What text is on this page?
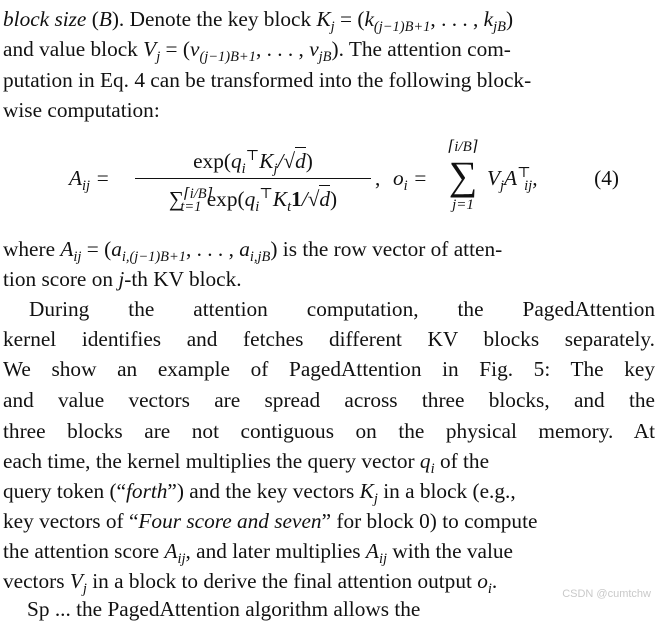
block size (B). Denote the key block $K_j = (k_{(j-1)B+1}$, . . . , $k_{jB}$)
and value block $V_j = (v_{(j-1)B+1}$, . . . , $v_{jB}$). The attention com-
putation in Eq. 4 can be transformed into the following block-
wise computation:
$A_{ij}$ =
$\exp(q_i^⊤K_j/√d)$
∑$^{⌈i/B⌉}_{t=1}$ $\exp(q_i^⊤K_t1/√d)$
, $o_i$ =
⌈i/B⌉
∑
j=1
$V_jA^⊤_{ij}$,	(4)
where $A_{ij} = (a_{i,(j-1)B+1}$, . . . , $a_{i,jB}$) is the row vector of atten-
tion score on j-th KV block.
During the attention computation, the PagedAttention
kernel identifies and fetches different KV blocks separately.
We show an example of PagedAttention in Fig. 5: The key
and value vectors are spread across three blocks, and the
three blocks are not contiguous on the physical memory. At
each time, the kernel multiplies the query vector $q_i$ of the
query token (“forth”) and the key vectors $K_j$ in a block (e.g.,
key vectors of “Four score and seven” for block 0) to compute
the attention score $A_{ij}$, and later multiplies $A_{ij}$ with the value
vectors $V_j$ in a block to derive the final attention output $o_i$.
Sp ... the PagedAttention algorithm allows the
CSDN @cumtchw
